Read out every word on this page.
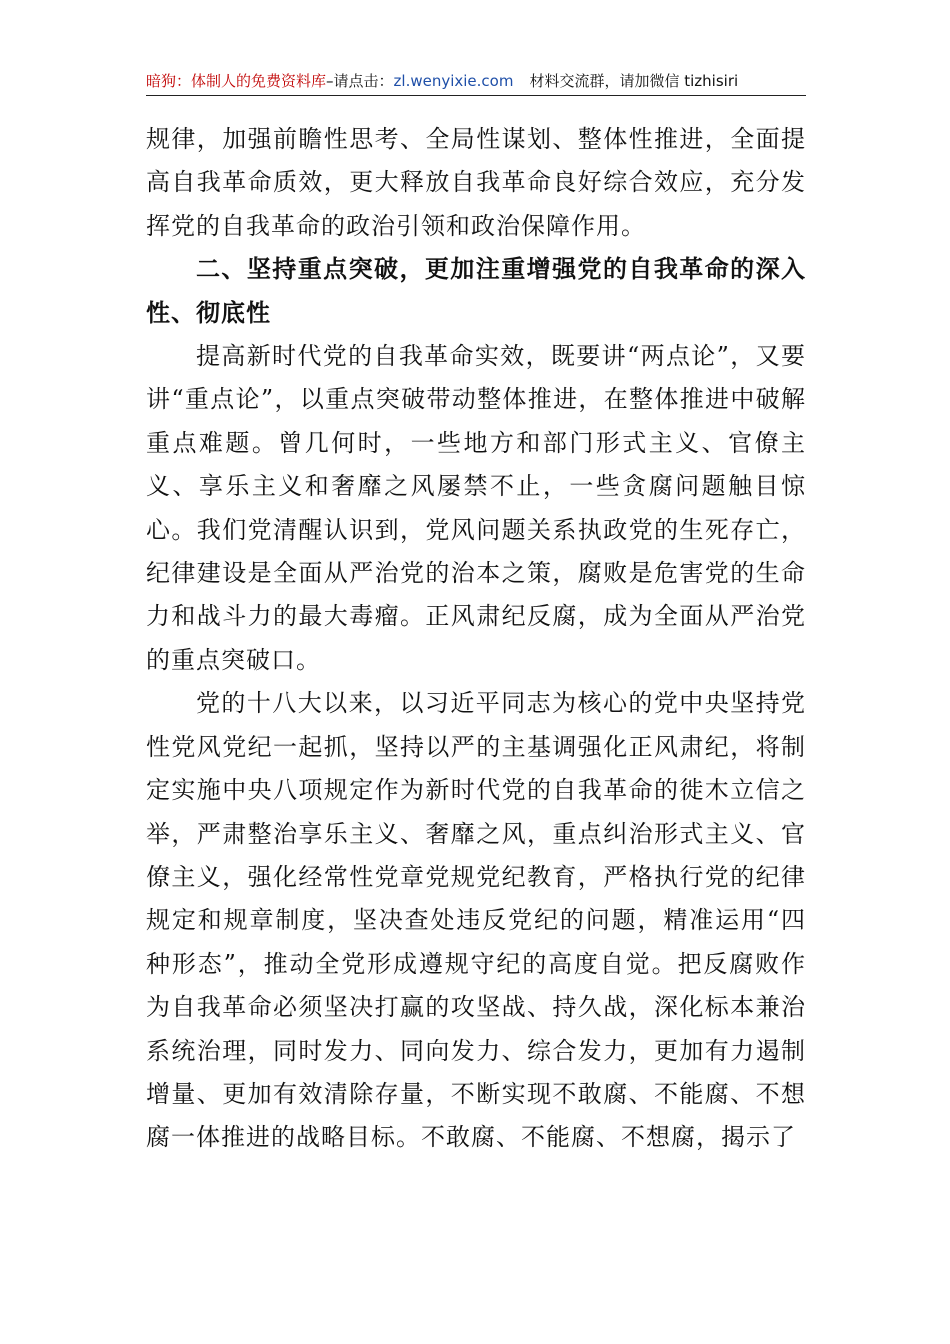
暗狗：体制人的免费资料库–请点击：zl.wenyixie.com 材料交流群，请加微信 tizhisiri

规律，加强前瞻性思考、全局性谋划、整体性推进，全面提高自我革命质效，更大释放自我革命良好综合效应，充分发挥党的自我革命的政治引领和政治保障作用。

二、坚持重点突破，更加注重增强党的自我革命的深入性、彻底性

提高新时代党的自我革命实效，既要讲“两点论”，又要讲“重点论”，以重点突破带动整体推进，在整体推进中破解重点难题。曾几何时，一些地方和部门形式主义、官僚主义、享乐主义和奢靡之风屡禁不止，一些贪腐问题触目惊心。我们党清醒认识到，党风问题关系执政党的生死存亡，纪律建设是全面从严治党的治本之策，腐败是危害党的生命力和战斗力的最大毒瘤。正风肃纪反腐，成为全面从严治党的重点突破口。

党的十八大以来，以习近平同志为核心的党中央坚持党性党风党纪一起抓，坚持以严的主基调强化正风肃纪，将制定实施中央八项规定作为新时代党的自我革命的徙木立信之举，严肃整治享乐主义、奢靡之风，重点纠治形式主义、官僚主义，强化经常性党章党规党纪教育，严格执行党的纪律规定和规章制度，坚决查处违反党纪的问题，精准运用“四种形态”，推动全党形成遵规守纪的高度自觉。把反腐败作为自我革命必须坚决打赢的攻坚战、持久战，深化标本兼治系统治理，同时发力、同向发力、综合发力，更加有力遏制增量、更加有效清除存量，不断实现不敢腐、不能腐、不想腐一体推进的战略目标。不敢腐、不能腐、不想腐，揭示了
